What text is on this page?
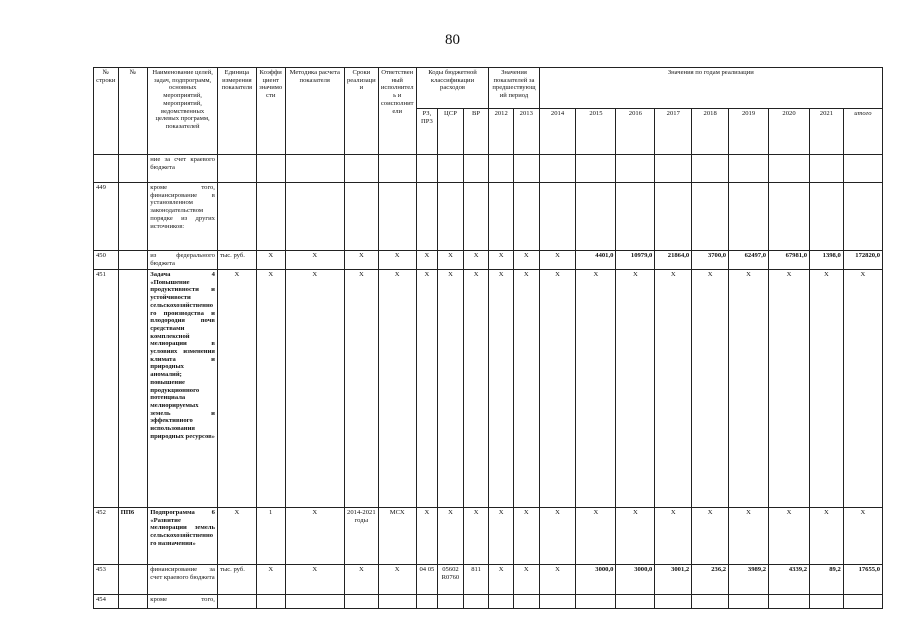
80
№ строки	№	Наименование целей, задач, подпрограмм, основных мероприятий, мероприятий, ведомственных целевых программ, показателей	Единица измерения показателя	Коэффициент значимости	Методика расчета показателя	Сроки реализации	Ответственный исполнитель и соисполнители	Коды бюджетной классификации расходов			Значения показателей за предшествующий период		Значения по годам реализации								
								РЗ, ПР3	ЦСР	ВР	2012	2013	2014	2015	2016	2017	2018	2019	2020	2021	итого
		ние за счет краевого бюджета																			
449		кроме того, финансирование в установленном законодательством порядке из других источников:																			
450		из федерального бюджета	тыс. руб.	X	X	X	X	X	X	X	X	X	X	4401,0	10979,0	21864,0	3700,0	62497,0	67981,0	1398,0	172820,0
451		Задача 4 «Повышение продуктивности и устойчивости сельскохозяйственного производства и плодородия почв средствами комплексной мелиорации в условиях изменения климата и природных аномалий; повышение продукционного потенциала мелиорируемых земель и эффективного использования природных ресурсов»	X	X	X	X	X	X	X	X	X	X	X	X	X	X	X	X	X	X	X
452	ПП6	Подпрограмма 6 «Развитие мелиорации земель сельскохозяйственного назначения»	X	1	X	2014-2021 годы	МСХ	X	X	X	X	X	X	X	X	X	X	X	X	X	X
453		финансирование за счет краевого бюджета	тыс. руб.	X	X	X	X	04 05	05602 R0760	811	X	X	X	3000,0	3000,0	3001,2	236,2	3989,2	4339,2	89,2	17655,0
454		кроме того,																			
